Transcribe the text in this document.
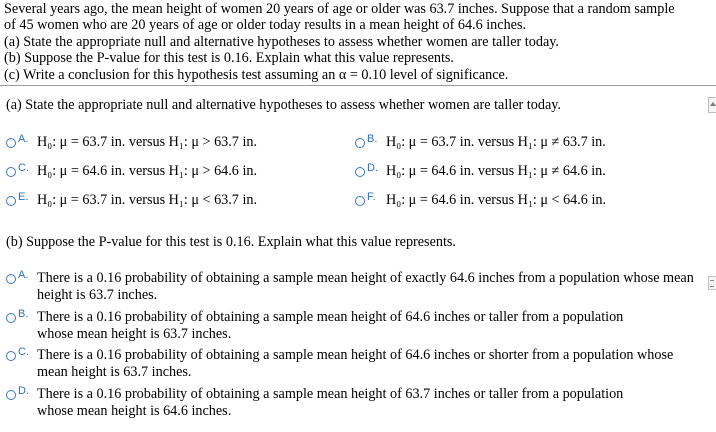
Several years ago, the mean height of women 20 years of age or older was 63.7 inches. Suppose that a random sample
of 45 women who are 20 years of age or older today results in a mean height of 64.6 inches.
(a) State the appropriate null and alternative hypotheses to assess whether women are taller today.
(b) Suppose the P-value for this test is 0.16. Explain what this value represents.
(c) Write a conclusion for this hypothesis test assuming an α = 0.10 level of significance.
(a) State the appropriate null and alternative hypotheses to assess whether women are taller today.
A. H₀: μ = 63.7 in. versus H₁: μ > 63.7 in.	B. H₀: μ = 63.7 in. versus H₁: μ ≠ 63.7 in.
C. H₀: μ = 64.6 in. versus H₁: μ > 64.6 in.	D. H₀: μ = 64.6 in. versus H₁: μ ≠ 64.6 in.
E. H₀: μ = 63.7 in. versus H₁: μ < 63.7 in.	F. H₀: μ = 64.6 in. versus H₁: μ < 64.6 in.
(b) Suppose the P-value for this test is 0.16. Explain what this value represents.
A. There is a 0.16 probability of obtaining a sample mean height of exactly 64.6 inches from a population whose mean height is 63.7 inches.
B. There is a 0.16 probability of obtaining a sample mean height of 64.6 inches or taller from a population whose mean height is 63.7 inches.
C. There is a 0.16 probability of obtaining a sample mean height of 64.6 inches or shorter from a population whose mean height is 63.7 inches.
D. There is a 0.16 probability of obtaining a sample mean height of 63.7 inches or taller from a population whose mean height is 64.6 inches.
